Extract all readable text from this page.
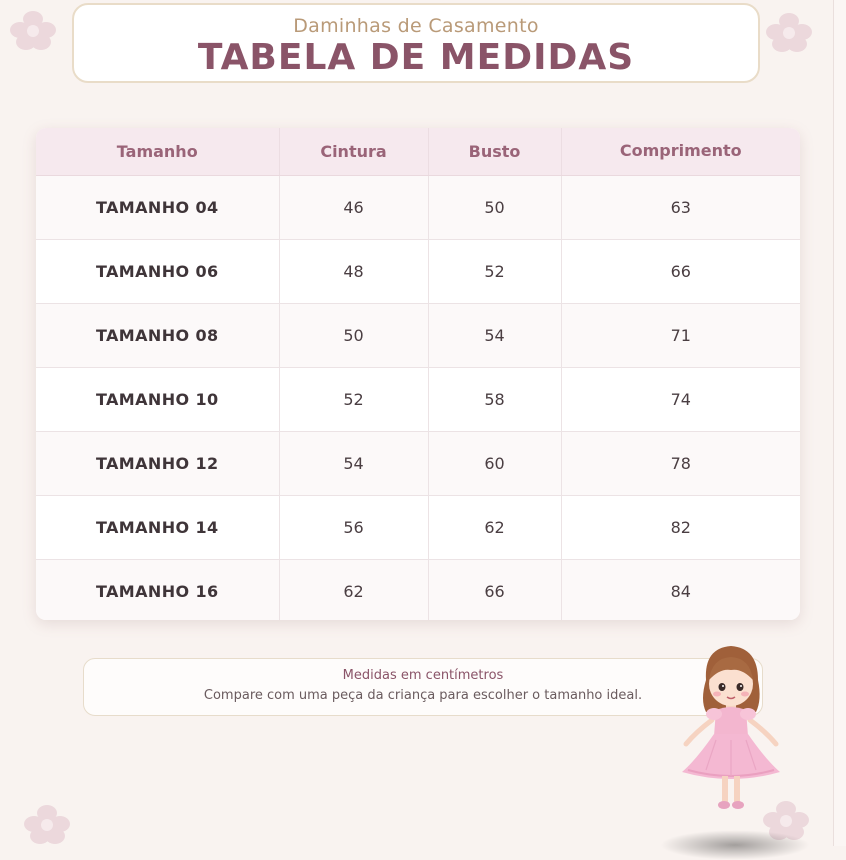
Daminhas de Casamento
TABELA DE MEDIDAS
Tamanho	Cintura	Busto	Comprimento
TAMANHO 04	46	50	63
TAMANHO 06	48	52	66
TAMANHO 08	50	54	71
TAMANHO 10	52	58	74
TAMANHO 12	54	60	78
TAMANHO 14	56	62	82
TAMANHO 16	62	66	84
Medidas em centímetros
Compare com uma peça da criança para escolher o tamanho ideal.
